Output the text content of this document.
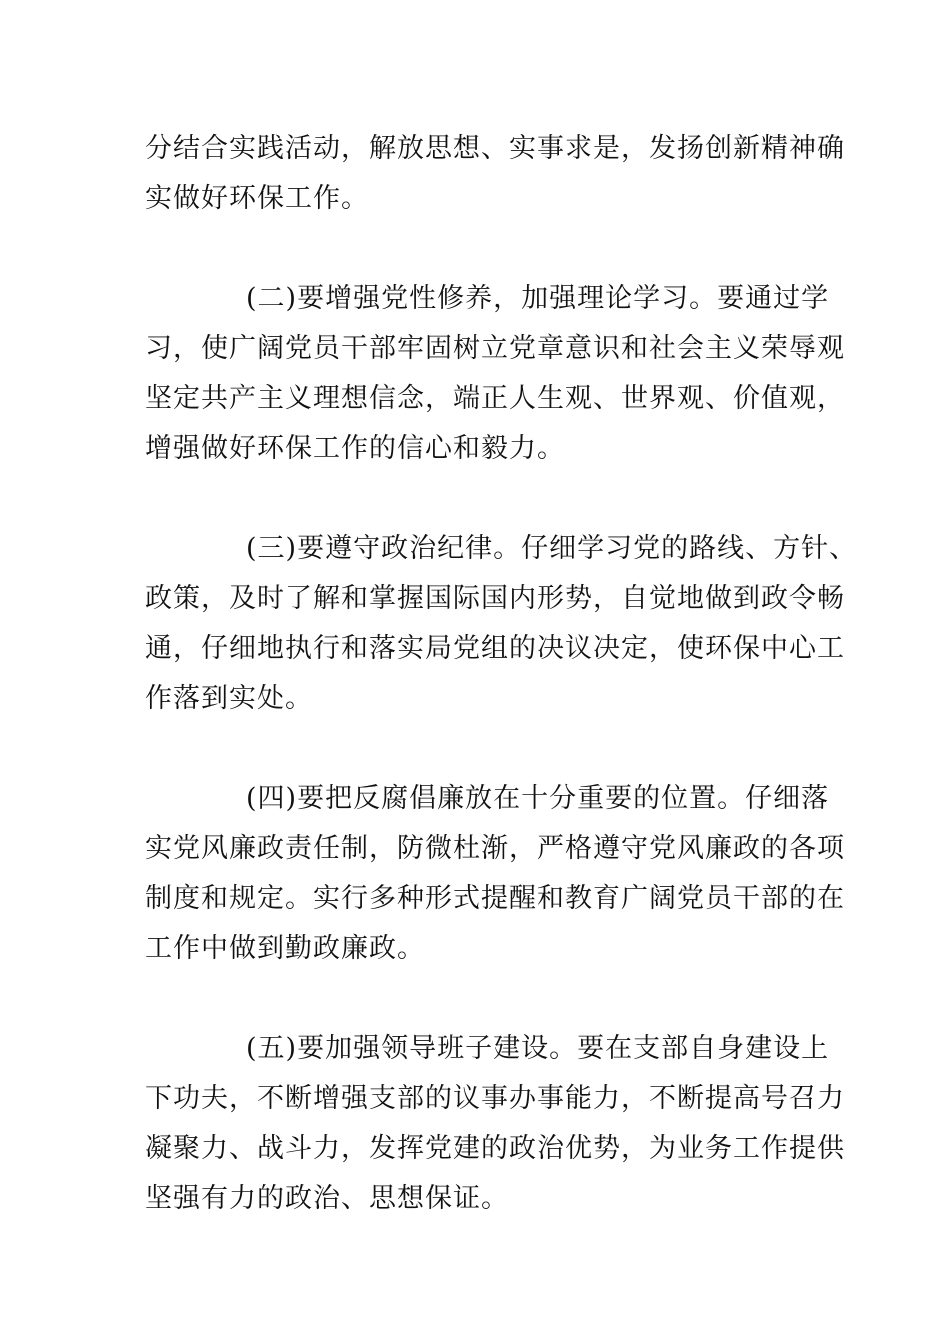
分结合实践活动，解放思想、实事求是，发扬创新精神确
实做好环保工作。
(二)要增强党性修养，加强理论学习。要通过学
习，使广阔党员干部牢固树立党章意识和社会主义荣辱观
坚定共产主义理想信念，端正人生观、世界观、价值观，
增强做好环保工作的信心和毅力。
(三)要遵守政治纪律。仔细学习党的路线、方针、
政策，及时了解和掌握国际国内形势，自觉地做到政令畅
通，仔细地执行和落实局党组的决议决定，使环保中心工
作落到实处。
(四)要把反腐倡廉放在十分重要的位置。仔细落
实党风廉政责任制，防微杜渐，严格遵守党风廉政的各项
制度和规定。实行多种形式提醒和教育广阔党员干部的在
工作中做到勤政廉政。
(五)要加强领导班子建设。要在支部自身建设上
下功夫，不断增强支部的议事办事能力，不断提高号召力
凝聚力、战斗力，发挥党建的政治优势，为业务工作提供
坚强有力的政治、思想保证。
